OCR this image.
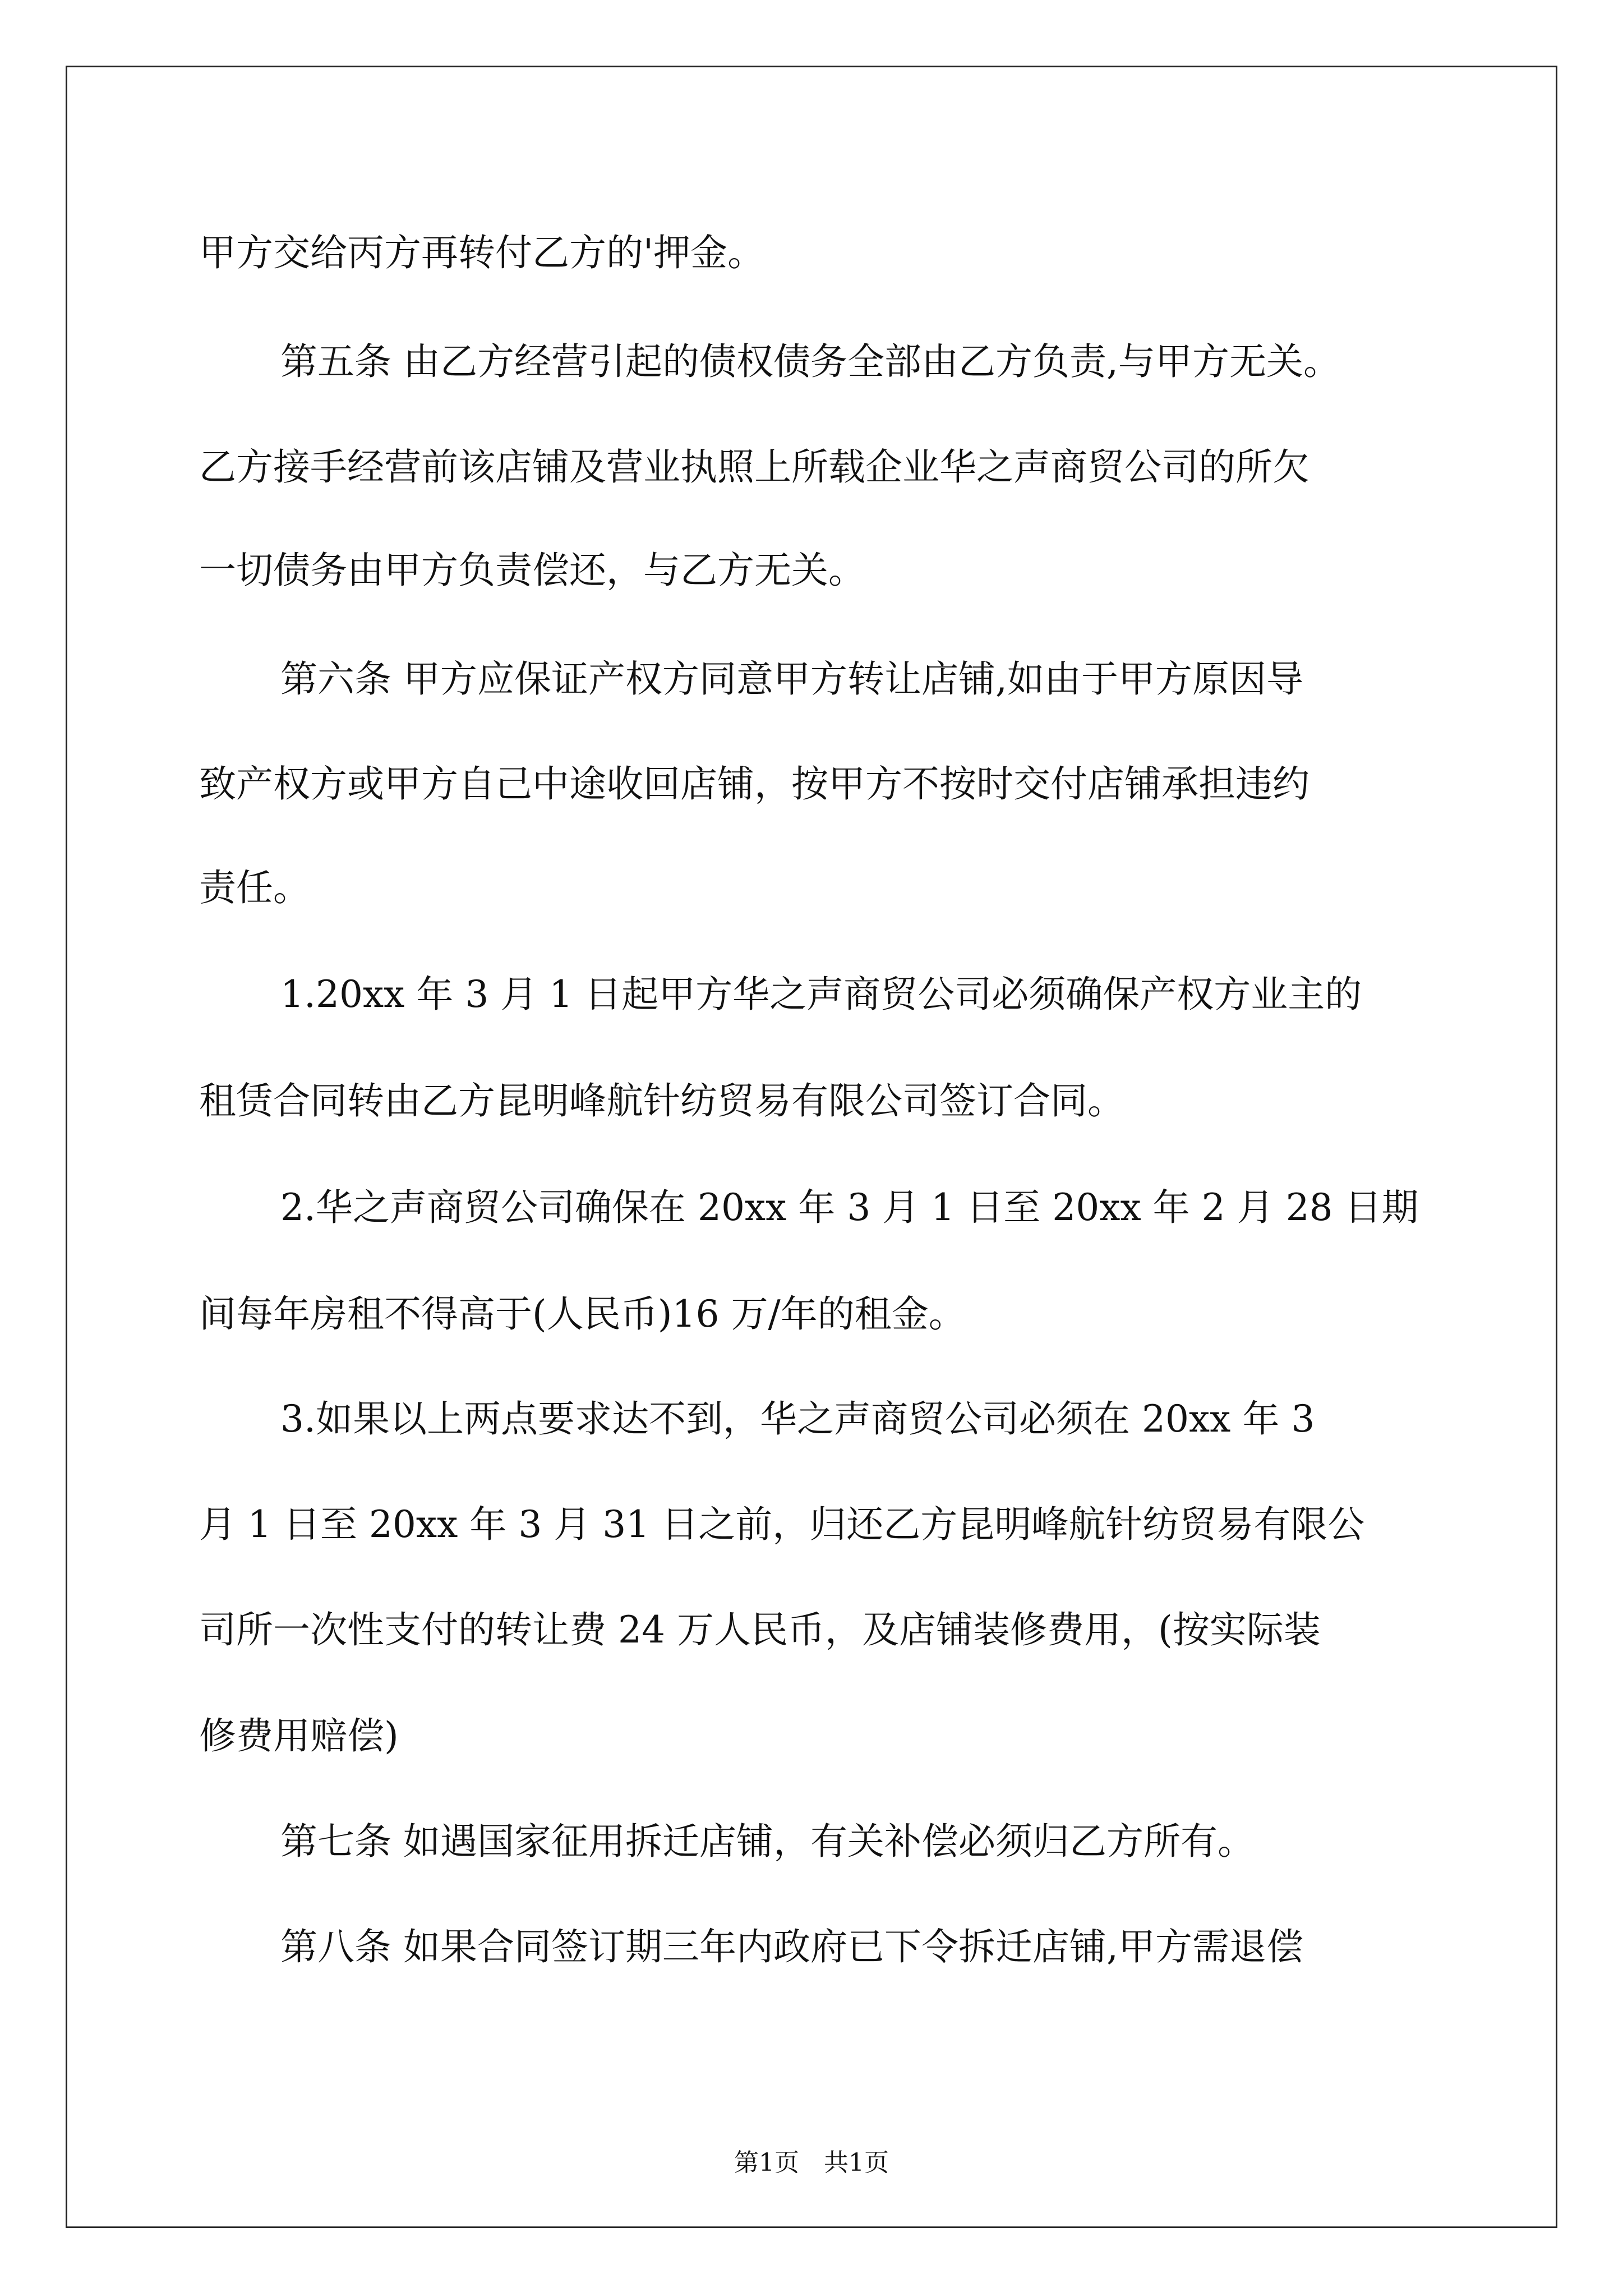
甲方交给丙方再转付乙方的'押金。

第五条 由乙方经营引起的债权债务全部由乙方负责,与甲方无关。

乙方接手经营前该店铺及营业执照上所载企业华之声商贸公司的所欠

一切债务由甲方负责偿还，与乙方无关。

第六条 甲方应保证产权方同意甲方转让店铺,如由于甲方原因导

致产权方或甲方自己中途收回店铺，按甲方不按时交付店铺承担违约

责任。

1.20xx 年 3 月 1 日起甲方华之声商贸公司必须确保产权方业主的

租赁合同转由乙方昆明峰航针纺贸易有限公司签订合同。

2.华之声商贸公司确保在 20xx 年 3 月 1 日至 20xx 年 2 月 28 日期

间每年房租不得高于(人民币)16 万/年的租金。

3.如果以上两点要求达不到，华之声商贸公司必须在 20xx 年 3

月 1 日至 20xx 年 3 月 31 日之前，归还乙方昆明峰航针纺贸易有限公

司所一次性支付的转让费 24 万人民币，及店铺装修费用，(按实际装

修费用赔偿)

第七条 如遇国家征用拆迁店铺，有关补偿必须归乙方所有。

第八条 如果合同签订期三年内政府已下令拆迁店铺,甲方需退偿

第1页　共1页
